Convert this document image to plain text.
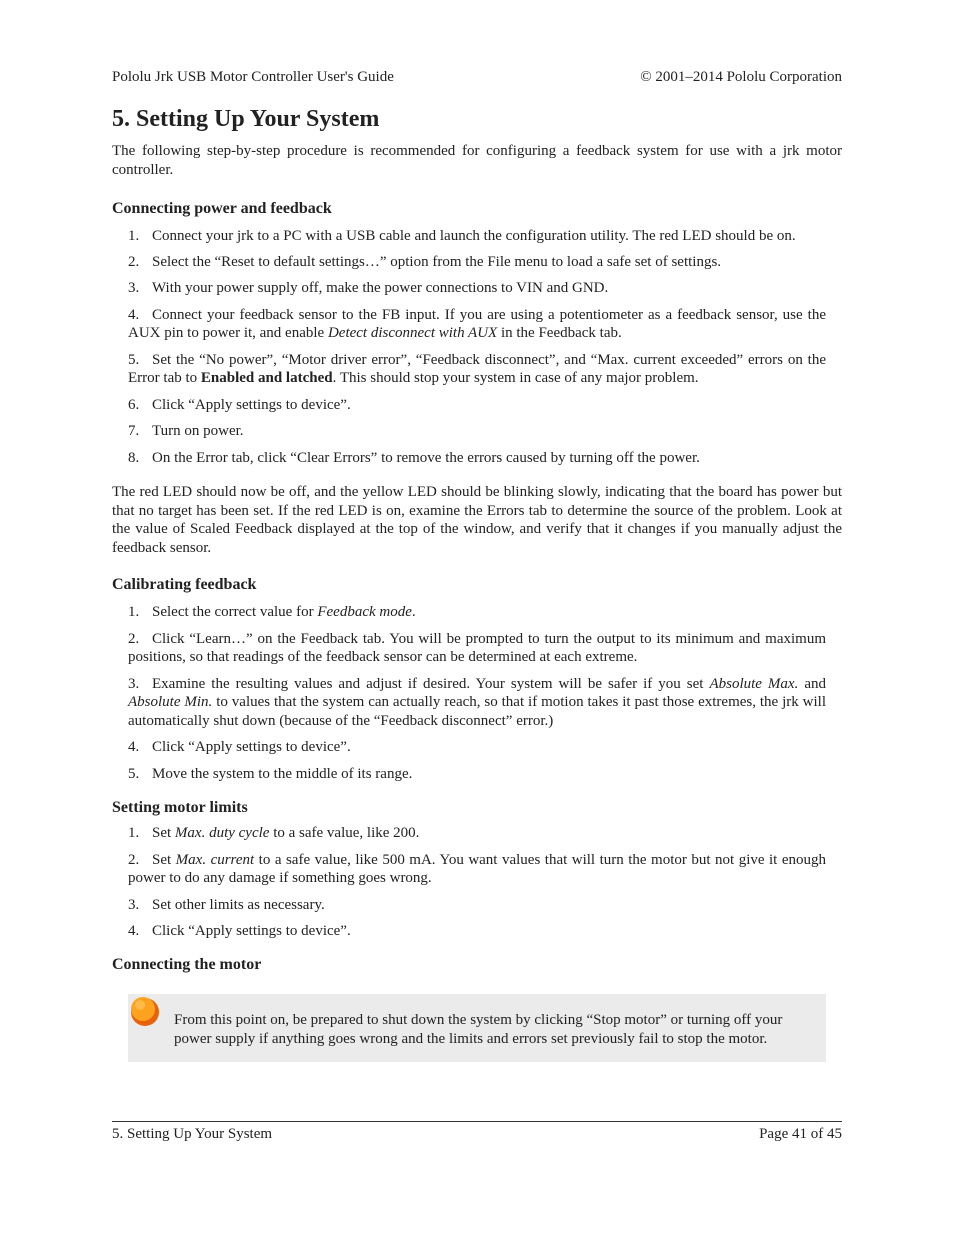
Pololu Jrk USB Motor Controller User's Guide	© 2001–2014 Pololu Corporation
5. Setting Up Your System

The following step-by-step procedure is recommended for configuring a feedback system for use with a jrk motor controller.

Connecting power and feedback
1. Connect your jrk to a PC with a USB cable and launch the configuration utility. The red LED should be on.
2. Select the “Reset to default settings…” option from the File menu to load a safe set of settings.
3. With your power supply off, make the power connections to VIN and GND.
4. Connect your feedback sensor to the FB input. If you are using a potentiometer as a feedback sensor, use the AUX pin to power it, and enable Detect disconnect with AUX in the Feedback tab.
5. Set the “No power”, “Motor driver error”, “Feedback disconnect”, and “Max. current exceeded” errors on the Error tab to Enabled and latched. This should stop your system in case of any major problem.
6. Click “Apply settings to device”.
7. Turn on power.
8. On the Error tab, click “Clear Errors” to remove the errors caused by turning off the power.

The red LED should now be off, and the yellow LED should be blinking slowly, indicating that the board has power but that no target has been set. If the red LED is on, examine the Errors tab to determine the source of the problem. Look at the value of Scaled Feedback displayed at the top of the window, and verify that it changes if you manually adjust the feedback sensor.

Calibrating feedback
1. Select the correct value for Feedback mode.
2. Click “Learn…” on the Feedback tab. You will be prompted to turn the output to its minimum and maximum positions, so that readings of the feedback sensor can be determined at each extreme.
3. Examine the resulting values and adjust if desired. Your system will be safer if you set Absolute Max. and Absolute Min. to values that the system can actually reach, so that if motion takes it past those extremes, the jrk will automatically shut down (because of the “Feedback disconnect” error.)
4. Click “Apply settings to device”.
5. Move the system to the middle of its range.
Setting motor limits
1. Set Max. duty cycle to a safe value, like 200.
2. Set Max. current to a safe value, like 500 mA. You want values that will turn the motor but not give it enough power to do any damage if something goes wrong.
3. Set other limits as necessary.
4. Click “Apply settings to device”.
Connecting the motor
From this point on, be prepared to shut down the system by clicking “Stop motor” or turning off your power supply if anything goes wrong and the limits and errors set previously fail to stop the motor.
5. Setting Up Your System	Page 41 of 45
